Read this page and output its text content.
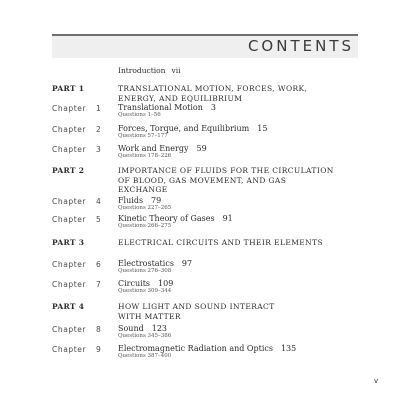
CONTENTS
Introduction vii
PART 1	TRANSLATIONAL MOTION, FORCES, WORK, ENERGY, AND EQUILIBRIUM
Chapter 1 Translational Motion 3
Questions 1–56
Chapter 2 Forces, Torque, and Equilibrium 15
Questions 57–177
Chapter 3 Work and Energy 59
Questions 178–226
PART 2	IMPORTANCE OF FLUIDS FOR THE CIRCULATION OF BLOOD, GAS MOVEMENT, AND GAS EXCHANGE
Chapter 4 Fluids 79
Questions 227–265
Chapter 5 Kinetic Theory of Gases 91
Questions 266–275
PART 3	ELECTRICAL CIRCUITS AND THEIR ELEMENTS
Chapter 6 Electrostatics 97
Questions 276–308
Chapter 7 Circuits 109
Questions 309–344
PART 4	HOW LIGHT AND SOUND INTERACT WITH MATTER
Chapter 8 Sound 123
Questions 345–386
Chapter 9 Electromagnetic Radiation and Optics 135
Questions 387–400
v
